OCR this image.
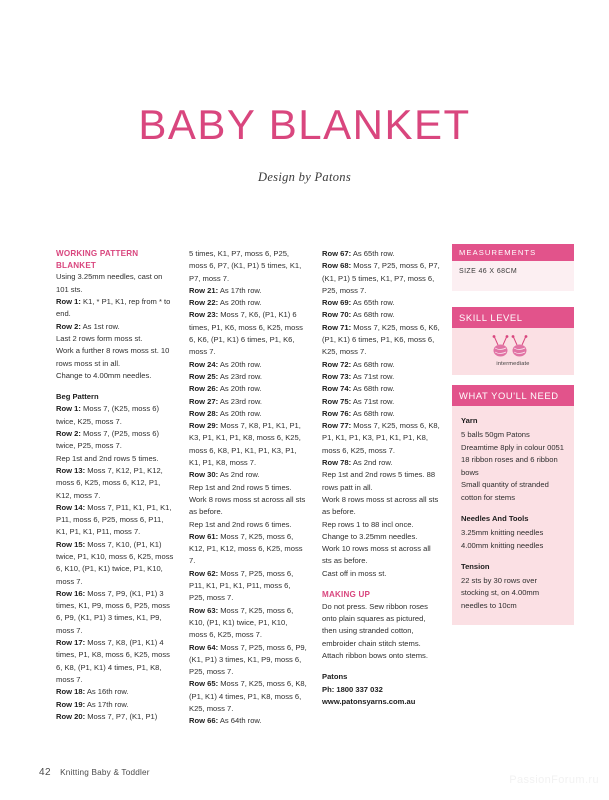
BABY BLANKET

Design by Patons

WORKING PATTERN BLANKET

Using 3.25mm needles, cast on 101 sts.

Row 1: K1, * P1, K1, rep from * to end.

Row 2: As 1st row.

Last 2 rows form moss st.

Work a further 8 rows moss st. 10 rows moss st in all.

Change to 4.00mm needles.

Beg Pattern

Row 1: Moss 7, (K25, moss 6) twice, K25, moss 7.

Row 2: Moss 7, (P25, moss 6) twice, P25, moss 7.

Rep 1st and 2nd rows 5 times.

Row 13: Moss 7, K12, P1, K12, moss 6, K25, moss 6, K12, P1, K12, moss 7.

Row 14: Moss 7, P11, K1, P1, K1, P11, moss 6, P25, moss 6, P11, K1, P1, K1, P11, moss 7.

Row 15: Moss 7, K10, (P1, K1) twice, P1, K10, moss 6, K25, moss 6, K10, (P1, K1) twice, P1, K10, moss 7.

Row 16: Moss 7, P9, (K1, P1) 3 times, K1, P9, moss 6, P25, moss 6, P9, (K1, P1) 3 times, K1, P9, moss 7.

Row 17: Moss 7, K8, (P1, K1) 4 times, P1, K8, moss 6, K25, moss 6, K8, (P1, K1) 4 times, P1, K8, moss 7.

Row 18: As 16th row.

Row 19: As 17th row.

Row 20: Moss 7, P7, (K1, P1)

5 times, K1, P7, moss 6, P25, moss 6, P7, (K1, P1) 5 times, K1, P7, moss 7.

Row 21: As 17th row.

Row 22: As 20th row.

Row 23: Moss 7, K6, (P1, K1) 6 times, P1, K6, moss 6, K25, moss 6, K6, (P1, K1) 6 times, P1, K6, moss 7.

Row 24: As 20th row.

Row 25: As 23rd row.

Row 26: As 20th row.

Row 27: As 23rd row.

Row 28: As 20th row.

Row 29: Moss 7, K8, P1, K1, P1, K3, P1, K1, P1, K8, moss 6, K25, moss 6, K8, P1, K1, P1, K3, P1, K1, P1, K8, moss 7.

Row 30: As 2nd row.

Rep 1st and 2nd rows 5 times.

Work 8 rows moss st across all sts as before.

Rep 1st and 2nd rows 6 times.

Row 61: Moss 7, K25, moss 6, K12, P1, K12, moss 6, K25, moss 7.

Row 62: Moss 7, P25, moss 6, P11, K1, P1, K1, P11, moss 6, P25, moss 7.

Row 63: Moss 7, K25, moss 6, K10, (P1, K1) twice, P1, K10, moss 6, K25, moss 7.

Row 64: Moss 7, P25, moss 6, P9, (K1, P1) 3 times, K1, P9, moss 6, P25, moss 7.

Row 65: Moss 7, K25, moss 6, K8, (P1, K1) 4 times, P1, K8, moss 6, K25, moss 7.

Row 66: As 64th row.

Row 67: As 65th row.

Row 68: Moss 7, P25, moss 6, P7, (K1, P1) 5 times, K1, P7, moss 6, P25, moss 7.

Row 69: As 65th row.

Row 70: As 68th row.

Row 71: Moss 7, K25, moss 6, K6, (P1, K1) 6 times, P1, K6, moss 6, K25, moss 7.

Row 72: As 68th row.

Row 73: As 71st row.

Row 74: As 68th row.

Row 75: As 71st row.

Row 76: As 68th row.

Row 77: Moss 7, K25, moss 6, K8, P1, K1, P1, K3, P1, K1, P1, K8, moss 6, K25, moss 7.

Row 78: As 2nd row.

Rep 1st and 2nd rows 5 times. 88 rows patt in all.

Work 8 rows moss st across all sts as before.

Rep rows 1 to 88 incl once.

Change to 3.25mm needles.

Work 10 rows moss st across all sts as before.

Cast off in moss st.

MAKING UP

Do not press. Sew ribbon roses onto plain squares as pictured, then using stranded cotton, embroider chain stitch stems. Attach ribbon bows onto stems.

Patons

Ph: 1800 337 032

www.patonsyarns.com.au

MEASUREMENTS
SIZE 46 X 68CM
SKILL LEVEL
intermediate
WHAT YOU'LL NEED
Yarn
5 balls 50gm Patons Dreamtime 8ply in colour 0051
18 ribbon roses and 6 ribbon bows
Small quantity of stranded cotton for stems
Needles And Tools
3.25mm knitting needles
4.00mm knitting needles
Tension
22 sts by 30 rows over stocking st, on 4.00mm needles to 10cm
42 Knitting Baby & Toddler
PassionForum.ru
